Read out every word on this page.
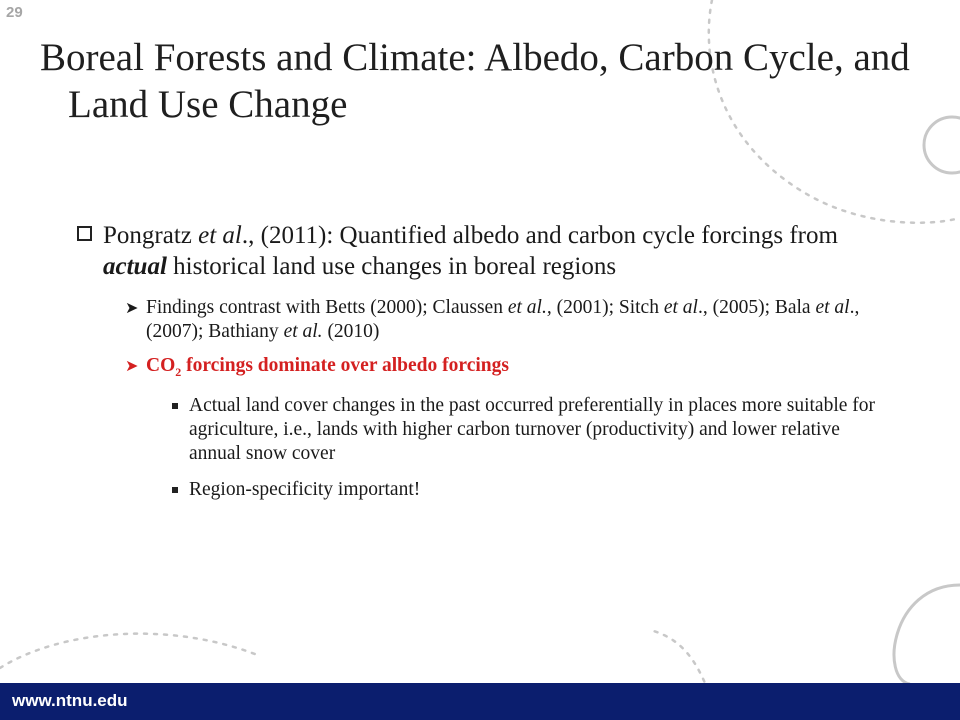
29
Boreal Forests and Climate: Albedo, Carbon Cycle, and Land Use Change
Pongratz et al., (2011): Quantified albedo and carbon cycle forcings from actual historical land use changes in boreal regions
➤ Findings contrast with Betts (2000); Claussen et al., (2001); Sitch et al., (2005); Bala et al., (2007); Bathiany et al. (2010)
➤ $CO_2$ forcings dominate over albedo forcings
Actual land cover changes in the past occurred preferentially in places more suitable for agriculture, i.e., lands with higher carbon turnover (productivity) and lower relative annual snow cover
Region-specificity important!
www.ntnu.edu
